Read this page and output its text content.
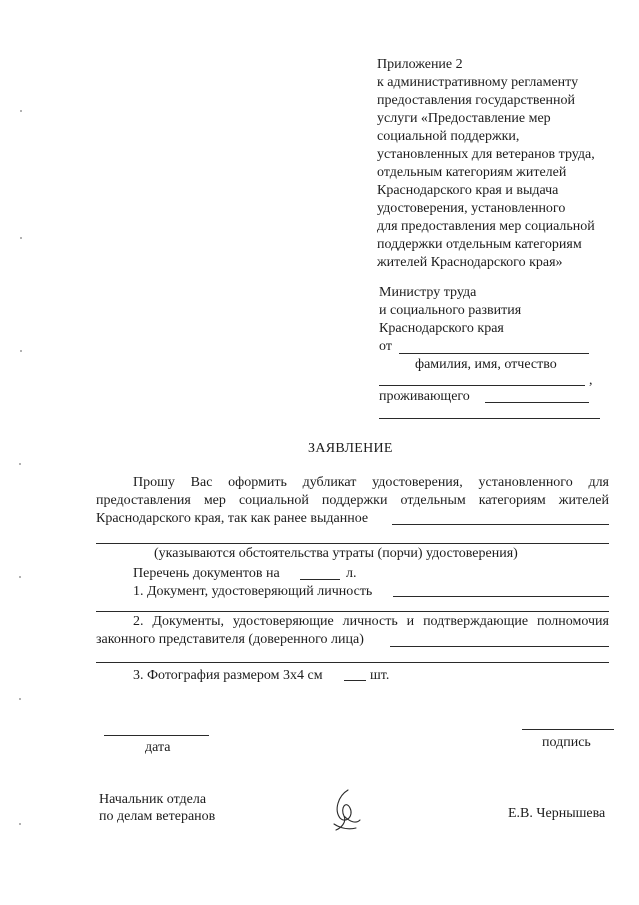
Приложение 2
к административному регламенту
предоставления государственной
услуги «Предоставление мер
социальной поддержки,
установленных для ветеранов труда,
отдельным категориям жителей
Краснодарского края и выдача
удостоверения, установленного
для предоставления мер социальной
поддержки отдельным категориям
жителей Краснодарского края»
Министру труда
и социального развития
Краснодарского края
от
фамилия, имя, отчество
,
проживающего
ЗАЯВЛЕНИЕ
Прошу Вас оформить дубликат удостоверения, установленного для
предоставления мер социальной поддержки отдельным категориям жителей
Краснодарского края, так как ранее выданное
(указываются обстоятельства утраты (порчи) удостоверения)
Перечень документов на	л.
1. Документ, удостоверяющий личность
2. Документы, удостоверяющие личность и подтверждающие полномочия
законного представителя (доверенного лица)
3. Фотография размером 3х4 см	шт.
дата	подпись
Начальник отдела
по делам ветеранов	Е.В. Чернышева
